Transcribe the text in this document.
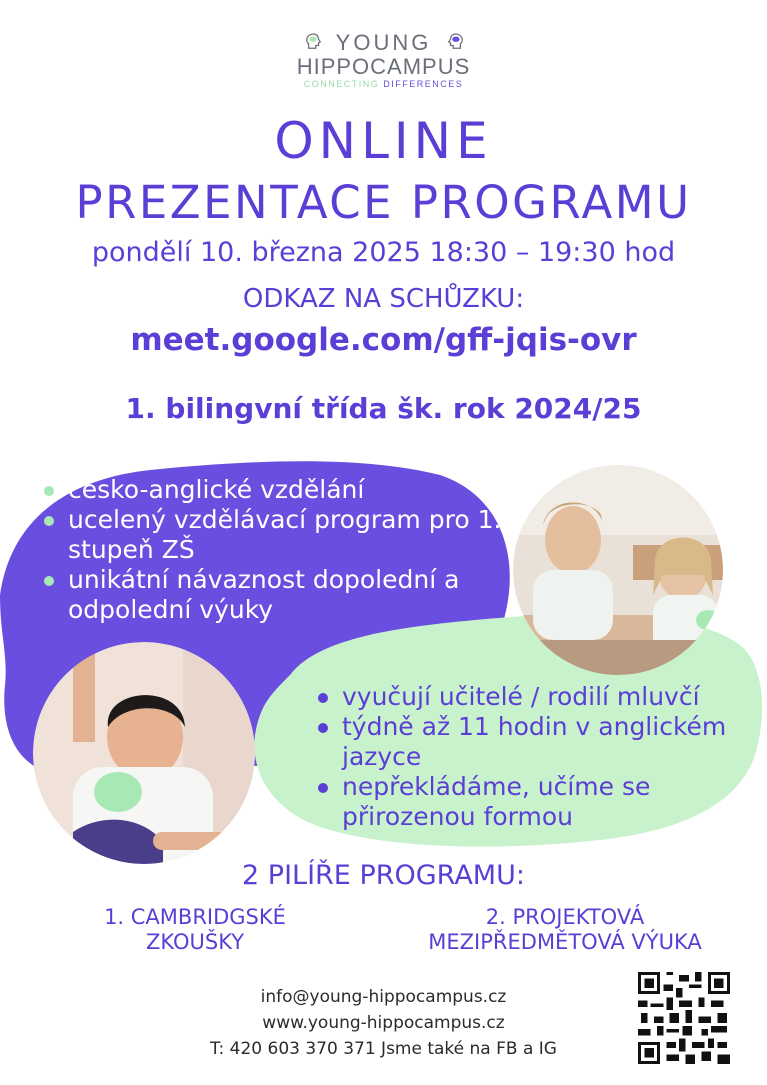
YOUNG
HIPPOCAMPUS
CONNECTING DIFFERENCES
ONLINE
PREZENTACE PROGRAMU
pondělí 10. března 2025 18:30 – 19:30 hod
ODKAZ NA SCHŮZKU:
meet.google.com/gff-jqis-ovr
1. bilingvní třída šk. rok 2024/25
česko-anglické vzdělání
ucelený vzdělávací program pro 1. stupeň ZŠ
unikátní návaznost dopolední a odpolední výuky
vyučují učitelé / rodilí mluvčí
týdně až 11 hodin v anglickém jazyce
nepřekládáme, učíme se přirozenou formou
2 PILÍŘE PROGRAMU:
1. CAMBRIDGSKÉ ZKOUŠKY
2. PROJEKTOVÁ MEZIPŘEDMĚTOVÁ VÝUKA
info@young-hippocampus.cz
www.young-hippocampus.cz
T: 420 603 370 371 Jsme také na FB a IG
